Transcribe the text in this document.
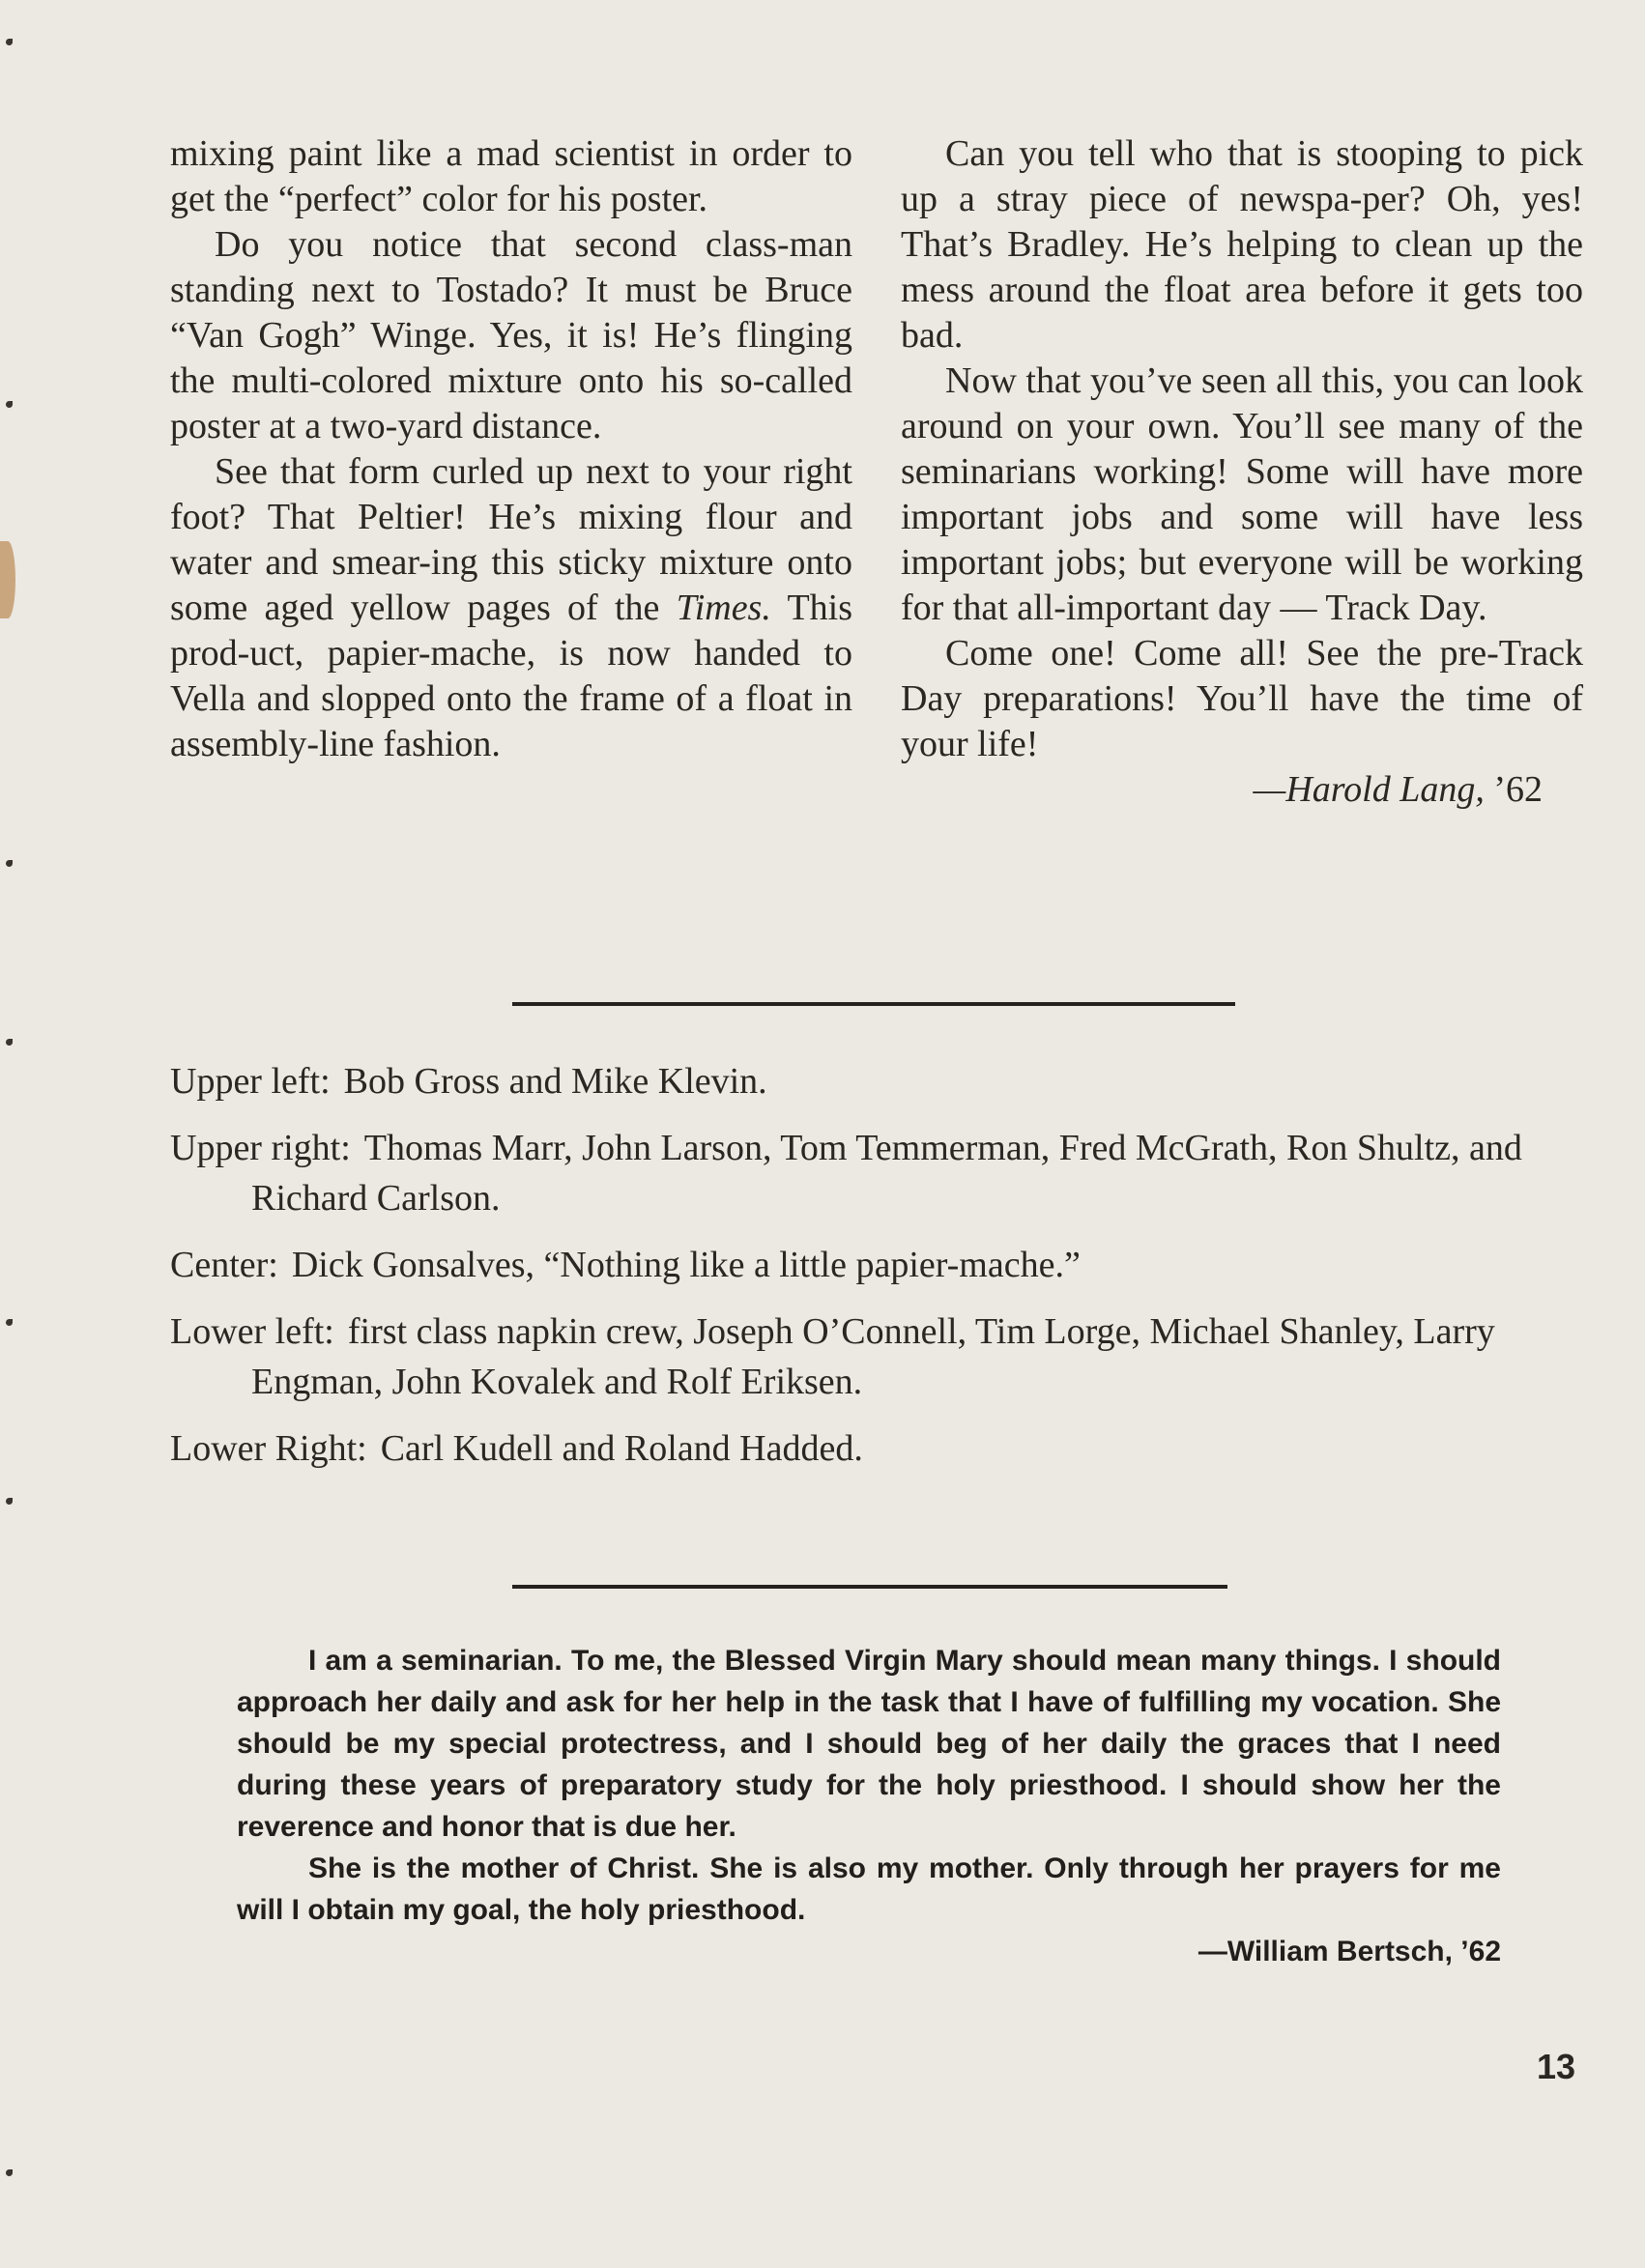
mixing paint like a mad scientist in order to get the “perfect” color for his poster.

Do you notice that second class-man standing next to Tostado? It must be Bruce “Van Gogh” Winge. Yes, it is! He’s flinging the multi-colored mixture onto his so-called poster at a two-yard distance.

See that form curled up next to your right foot? That Peltier! He’s mixing flour and water and smear-ing this sticky mixture onto some aged yellow pages of the Times. This prod-uct, papier-mache, is now handed to Vella and slopped onto the frame of a float in assembly-line fashion.

Can you tell who that is stooping to pick up a stray piece of newspa-per? Oh, yes! That’s Bradley. He’s helping to clean up the mess around the float area before it gets too bad.

Now that you’ve seen all this, you can look around on your own. You’ll see many of the seminarians working! Some will have more important jobs and some will have less important jobs; but everyone will be working for that all-important day — Track Day.

Come one! Come all! See the pre-Track Day preparations! You’ll have the time of your life!

—Harold Lang, ’62

Upper left: Bob Gross and Mike Klevin.

Upper right: Thomas Marr, John Larson, Tom Temmerman, Fred McGrath, Ron Shultz, and Richard Carlson.

Center: Dick Gonsalves, “Nothing like a little papier-mache.”

Lower left: first class napkin crew, Joseph O’Connell, Tim Lorge, Michael Shanley, Larry Engman, John Kovalek and Rolf Eriksen.

Lower Right: Carl Kudell and Roland Hadded.

I am a seminarian. To me, the Blessed Virgin Mary should mean many things. I should approach her daily and ask for her help in the task that I have of fulfilling my vocation. She should be my special protectress, and I should beg of her daily the graces that I need during these years of preparatory study for the holy priesthood. I should show her the reverence and honor that is due her.

She is the mother of Christ. She is also my mother. Only through her prayers for me will I obtain my goal, the holy priesthood.

—William Bertsch, ’62

13
